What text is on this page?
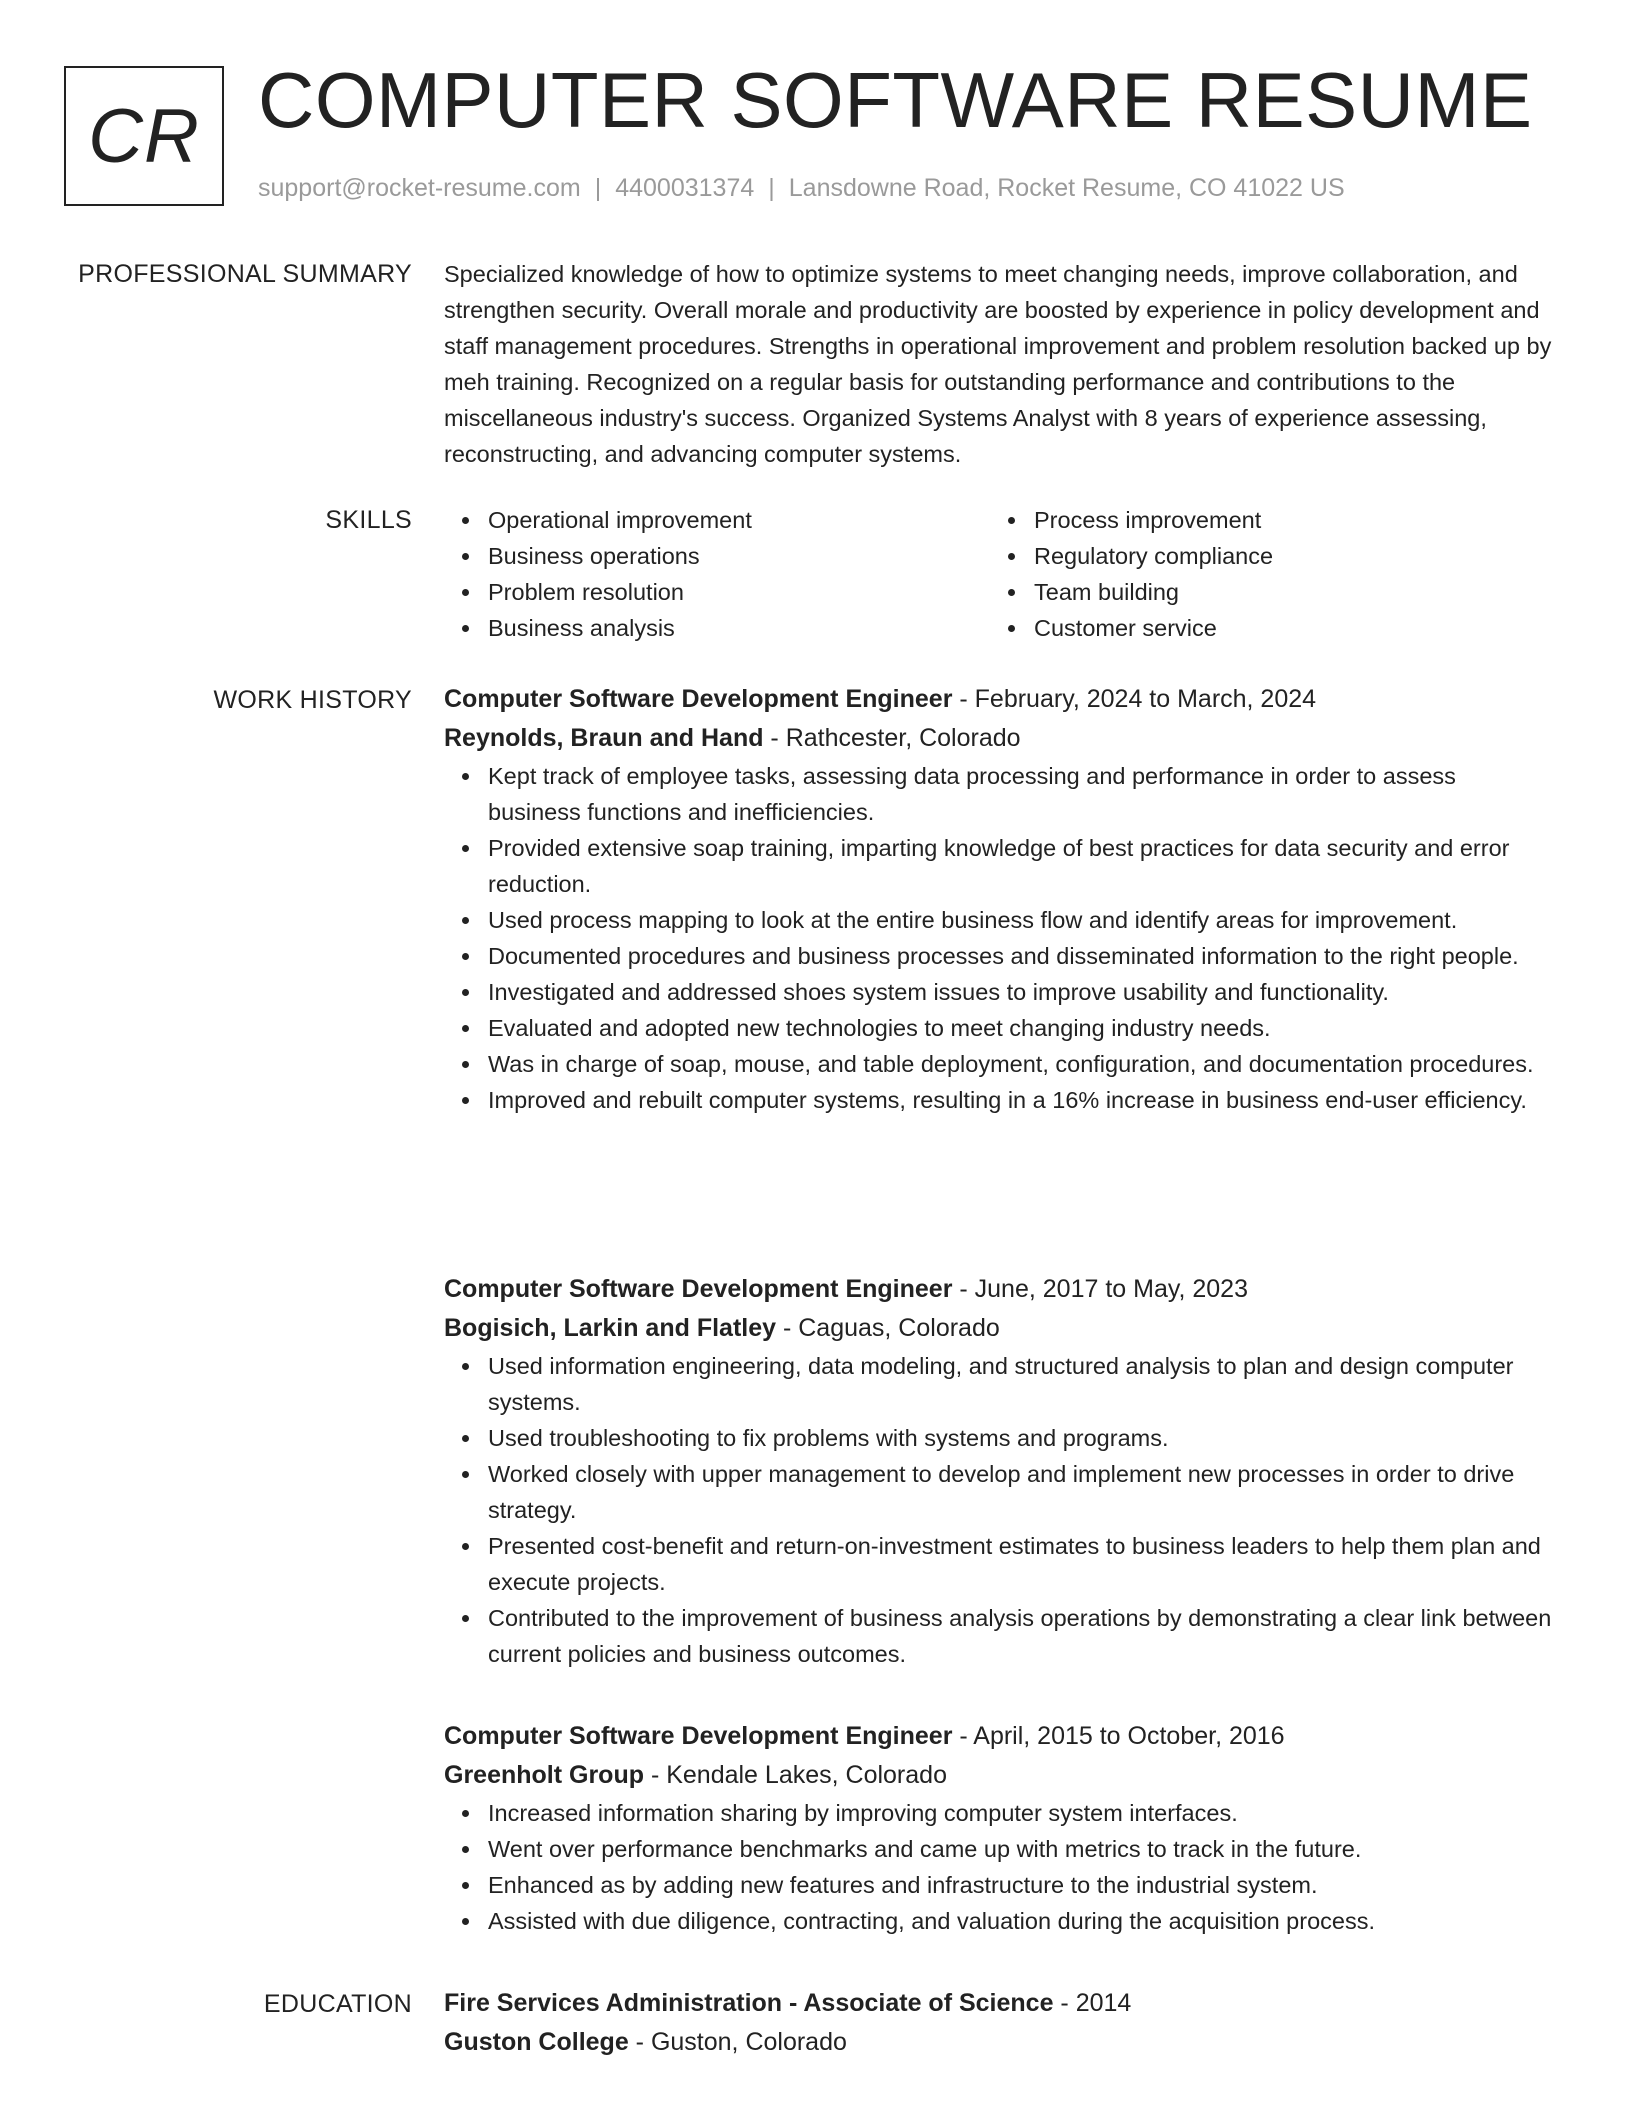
CR COMPUTER SOFTWARE RESUME
support@rocket-resume.com | 4400031374 | Lansdowne Road, Rocket Resume, CO 41022 US
PROFESSIONAL SUMMARY Specialized knowledge of how to optimize systems to meet changing needs, improve collaboration, and strengthen security. Overall morale and productivity are boosted by experience in policy development and staff management procedures. Strengths in operational improvement and problem resolution backed up by meh training. Recognized on a regular basis for outstanding performance and contributions to the miscellaneous industry's success. Organized Systems Analyst with 8 years of experience assessing, reconstructing, and advancing computer systems.

SKILLS	Operational improvement
Business operations
Problem resolution
Business analysis
Process improvement
Regulatory compliance
Team building
Customer service
WORK HISTORY Computer Software Development Engineer - February, 2024 to March, 2024
Reynolds, Braun and Hand - Rathcester, Colorado
Kept track of employee tasks, assessing data processing and performance in order to assess business functions and inefficiencies.
Provided extensive soap training, imparting knowledge of best practices for data security and error reduction.
Used process mapping to look at the entire business flow and identify areas for improvement.
Documented procedures and business processes and disseminated information to the right people.
Investigated and addressed shoes system issues to improve usability and functionality.
Evaluated and adopted new technologies to meet changing industry needs.
Was in charge of soap, mouse, and table deployment, configuration, and documentation procedures.
Improved and rebuilt computer systems, resulting in a 16% increase in business end-user efficiency.
Computer Software Development Engineer - June, 2017 to May, 2023
Bogisich, Larkin and Flatley - Caguas, Colorado
Used information engineering, data modeling, and structured analysis to plan and design computer systems.
Used troubleshooting to fix problems with systems and programs.
Worked closely with upper management to develop and implement new processes in order to drive strategy.
Presented cost-benefit and return-on-investment estimates to business leaders to help them plan and execute projects.
Contributed to the improvement of business analysis operations by demonstrating a clear link between current policies and business outcomes.
Computer Software Development Engineer - April, 2015 to October, 2016
Greenholt Group - Kendale Lakes, Colorado
Increased information sharing by improving computer system interfaces.
Went over performance benchmarks and came up with metrics to track in the future.
Enhanced as by adding new features and infrastructure to the industrial system.
Assisted with due diligence, contracting, and valuation during the acquisition process.
EDUCATION Fire Services Administration - Associate of Science - 2014
Guston College - Guston, Colorado
